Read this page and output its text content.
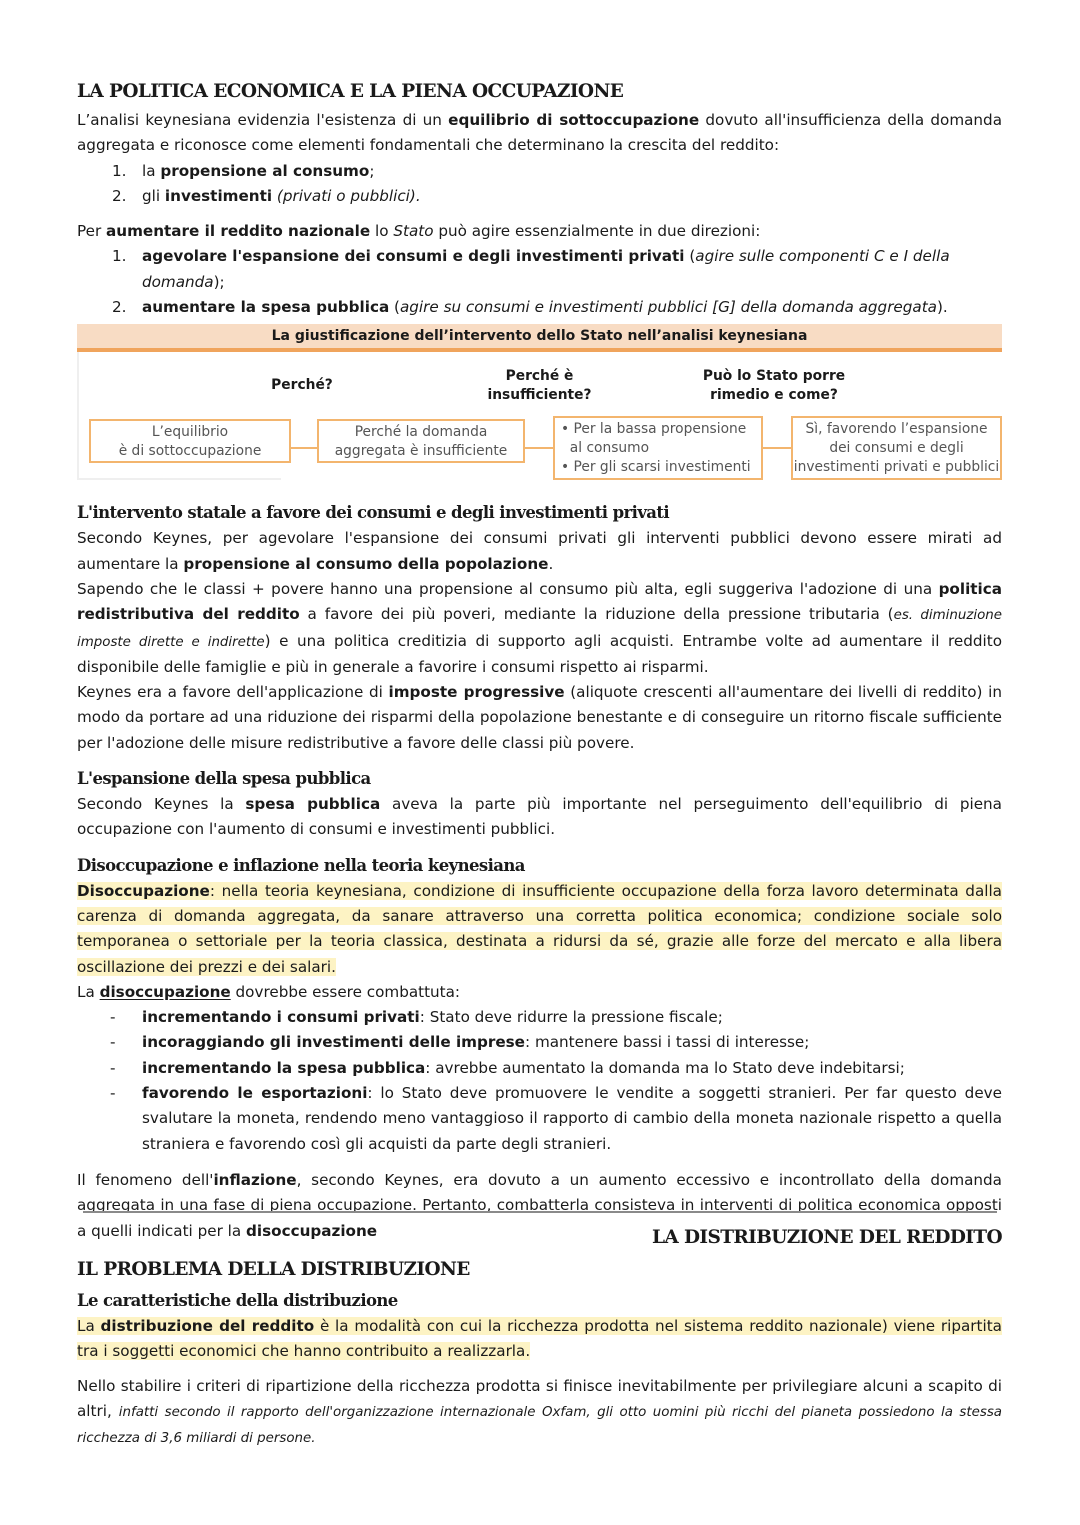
LA POLITICA ECONOMICA E LA PIENA OCCUPAZIONE

L’analisi keynesiana evidenzia l'esistenza di un equilibrio di sottoccupazione dovuto all'insufficienza della domanda aggregata e riconosce come elementi fondamentali che determinano la crescita del reddito:

1. la propensione al consumo;
2. gli investimenti (privati o pubblici).

Per aumentare il reddito nazionale lo Stato può agire essenzialmente in due direzioni:

1. agevolare l'espansione dei consumi e degli investimenti privati (agire sulle componenti C e I della domanda);
2. aumentare la spesa pubblica (agire su consumi e investimenti pubblici [G] della domanda aggregata).
La giustificazione dell’intervento dello Stato nell’analisi keynesiana
Perché?
Perché è
insufficiente?
Può lo Stato porre
rimedio e come?
L’equilibrio
è di sottoccupazione
Perché la domanda
aggregata è insufficiente
• Per la bassa propensione
al consumo
• Per gli scarsi investimenti
Sì, favorendo l’espansione
dei consumi e degli
investimenti privati e pubblici
L'intervento statale a favore dei consumi e degli investimenti privati

Secondo Keynes, per agevolare l'espansione dei consumi privati gli interventi pubblici devono essere mirati ad aumentare la propensione al consumo della popolazione.

Sapendo che le classi + povere hanno una propensione al consumo più alta, egli suggeriva l'adozione di una politica redistributiva del reddito a favore dei più poveri, mediante la riduzione della pressione tributaria (es. diminuzione imposte dirette e indirette) e una politica creditizia di supporto agli acquisti. Entrambe volte ad aumentare il reddito disponibile delle famiglie e più in generale a favorire i consumi rispetto ai risparmi.

Keynes era a favore dell'applicazione di imposte progressive (aliquote crescenti all'aumentare dei livelli di reddito) in modo da portare ad una riduzione dei risparmi della popolazione benestante e di conseguire un ritorno fiscale sufficiente per l'adozione delle misure redistributive a favore delle classi più povere.

L'espansione della spesa pubblica

Secondo Keynes la spesa pubblica aveva la parte più importante nel perseguimento dell'equilibrio di piena occupazione con l'aumento di consumi e investimenti pubblici.

Disoccupazione e inflazione nella teoria keynesiana

Disoccupazione: nella teoria keynesiana, condizione di insufficiente occupazione della forza lavoro determinata dalla carenza di domanda aggregata, da sanare attraverso una corretta politica economica; condizione sociale solo temporanea o settoriale per la teoria classica, destinata a ridursi da sé, grazie alle forze del mercato e alla libera oscillazione dei prezzi e dei salari.

La disoccupazione dovrebbe essere combattuta:

- incrementando i consumi privati: Stato deve ridurre la pressione fiscale;
- incoraggiando gli investimenti delle imprese: mantenere bassi i tassi di interesse;
- incrementando la spesa pubblica: avrebbe aumentato la domanda ma lo Stato deve indebitarsi;
- favorendo le esportazioni: lo Stato deve promuovere le vendite a soggetti stranieri. Per far questo deve svalutare la moneta, rendendo meno vantaggioso il rapporto di cambio della moneta nazionale rispetto a quella straniera e favorendo così gli acquisti da parte degli stranieri.

Il fenomeno dell'inflazione, secondo Keynes, era dovuto a un aumento eccessivo e incontrollato della domanda aggregata in una fase di piena occupazione. Pertanto, combatterla consisteva in interventi di politica economica opposti a quelli indicati per la disoccupazione	LA DISTRIBUZIONE DEL REDDITO
IL PROBLEMA DELLA DISTRIBUZIONE
Le caratteristiche della distribuzione

La distribuzione del reddito è la modalità con cui la ricchezza prodotta nel sistema reddito nazionale) viene ripartita tra i soggetti economici che hanno contribuito a realizzarla.

Nello stabilire i criteri di ripartizione della ricchezza prodotta si finisce inevitabilmente per privilegiare alcuni a scapito di altri, infatti secondo il rapporto dell'organizzazione internazionale Oxfam, gli otto uomini più ricchi del pianeta possiedono la stessa ricchezza di 3,6 miliardi di persone.
